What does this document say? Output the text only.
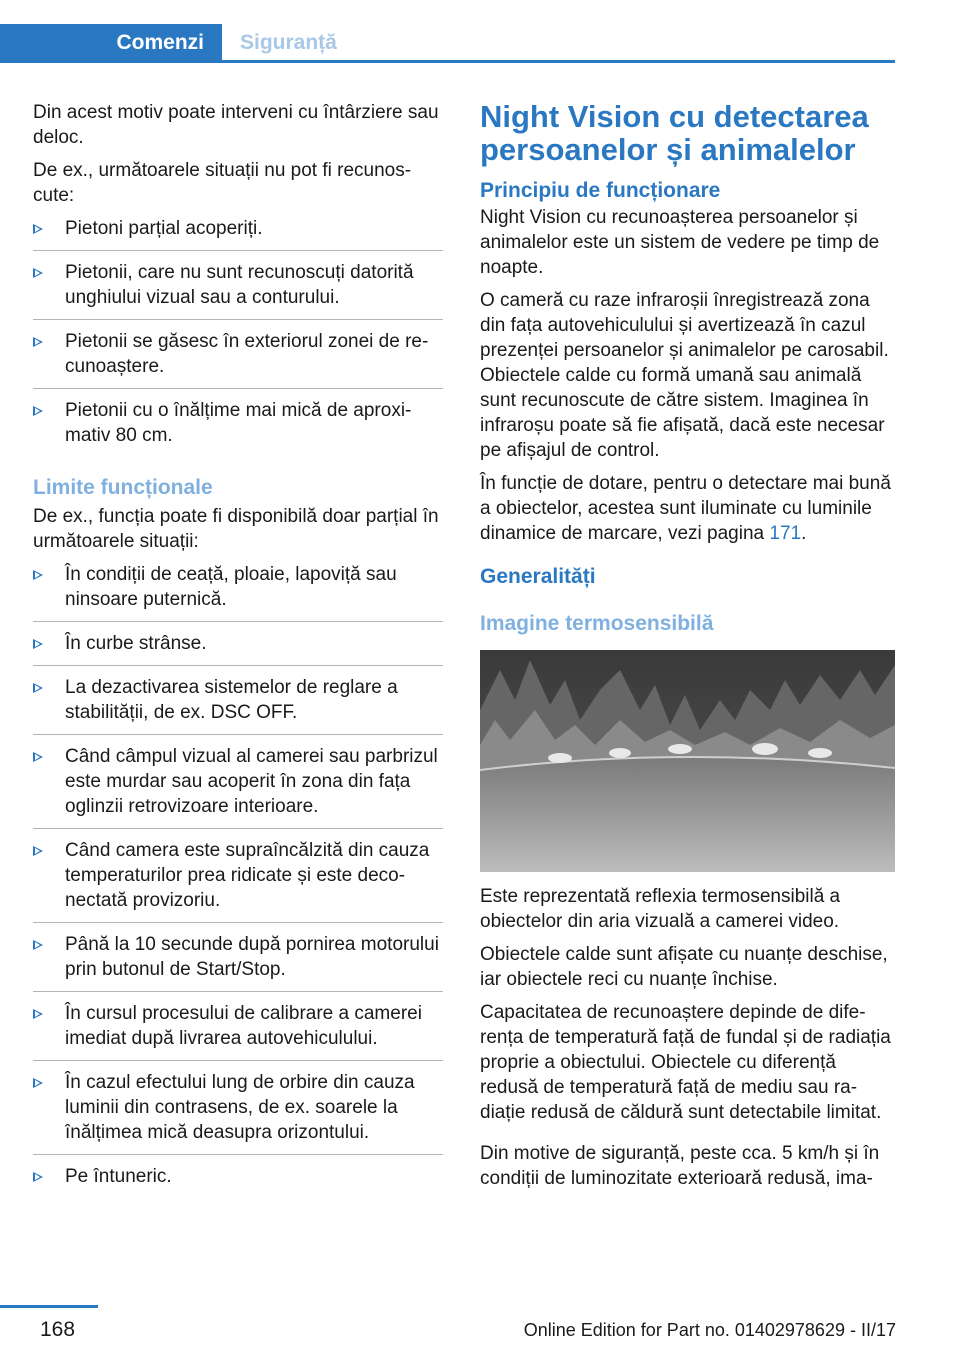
Comenzi	Siguranță

Din acest motiv poate interveni cu întârziere sau deloc.

De ex., următoarele situații nu pot fi recunoscute:

Pietoni parțial acoperiți.
Pietonii, care nu sunt recunoscuți datorită unghiului vizual sau a conturului.
Pietonii se găsesc în exteriorul zonei de recunoaștere.
Pietonii cu o înălțime mai mică de aproximativ 80 cm.
Limite funcționale

De ex., funcția poate fi disponibilă doar parțial în următoarele situații:

În condiții de ceață, ploaie, lapoviță sau ninsoare puternică.
În curbe strânse.
La dezactivarea sistemelor de reglare a stabilității, de ex. DSC OFF.
Când câmpul vizual al camerei sau parbrizul este murdar sau acoperit în zona din fața oglinzii retrovizoare interioare.
Când camera este supraîncălzită din cauza temperaturilor prea ridicate și este deconectată provizoriu.
Până la 10 secunde după pornirea motorului prin butonul de Start/Stop.
În cursul procesului de calibrare a camerei imediat după livrarea autovehiculului.
În cazul efectului lung de orbire din cauza luminii din contrasens, de ex. soarele la înălțimea mică deasupra orizontului.
Pe întuneric.
Night Vision cu detectarea persoanelor și animalelor
Principiu de funcționare

Night Vision cu recunoașterea persoanelor și animalelor este un sistem de vedere pe timp de noapte.

O cameră cu raze infraroșii înregistrează zona din fața autovehiculului și avertizează în cazul prezenței persoanelor și animalelor pe carosabil. Obiectele calde cu formă umană sau animală sunt recunoscute de către sistem. Imaginea în infraroșu poate să fie afișată, dacă este necesar pe afișajul de control.

În funcție de dotare, pentru o detectare mai bună a obiectelor, acestea sunt iluminate cu luminile dinamice de marcare, vezi pagina 171.

Generalități
Imagine termosensibilă

Este reprezentată reflexia termosensibilă a obiectelor din aria vizuală a camerei video.

Obiectele calde sunt afișate cu nuanțe deschise, iar obiectele reci cu nuanțe închise.

Capacitatea de recunoaștere depinde de diferența de temperatură față de fundal și de radiația proprie a obiectului. Obiectele cu diferență redusă de temperatură față de mediu sau radiație redusă de căldură sunt detectabile limitat.

Din motive de siguranță, peste cca. 5 km/h și în condiții de luminozitate exterioară redusă, ima-

168	Online Edition for Part no. 01402978629 - II/17
